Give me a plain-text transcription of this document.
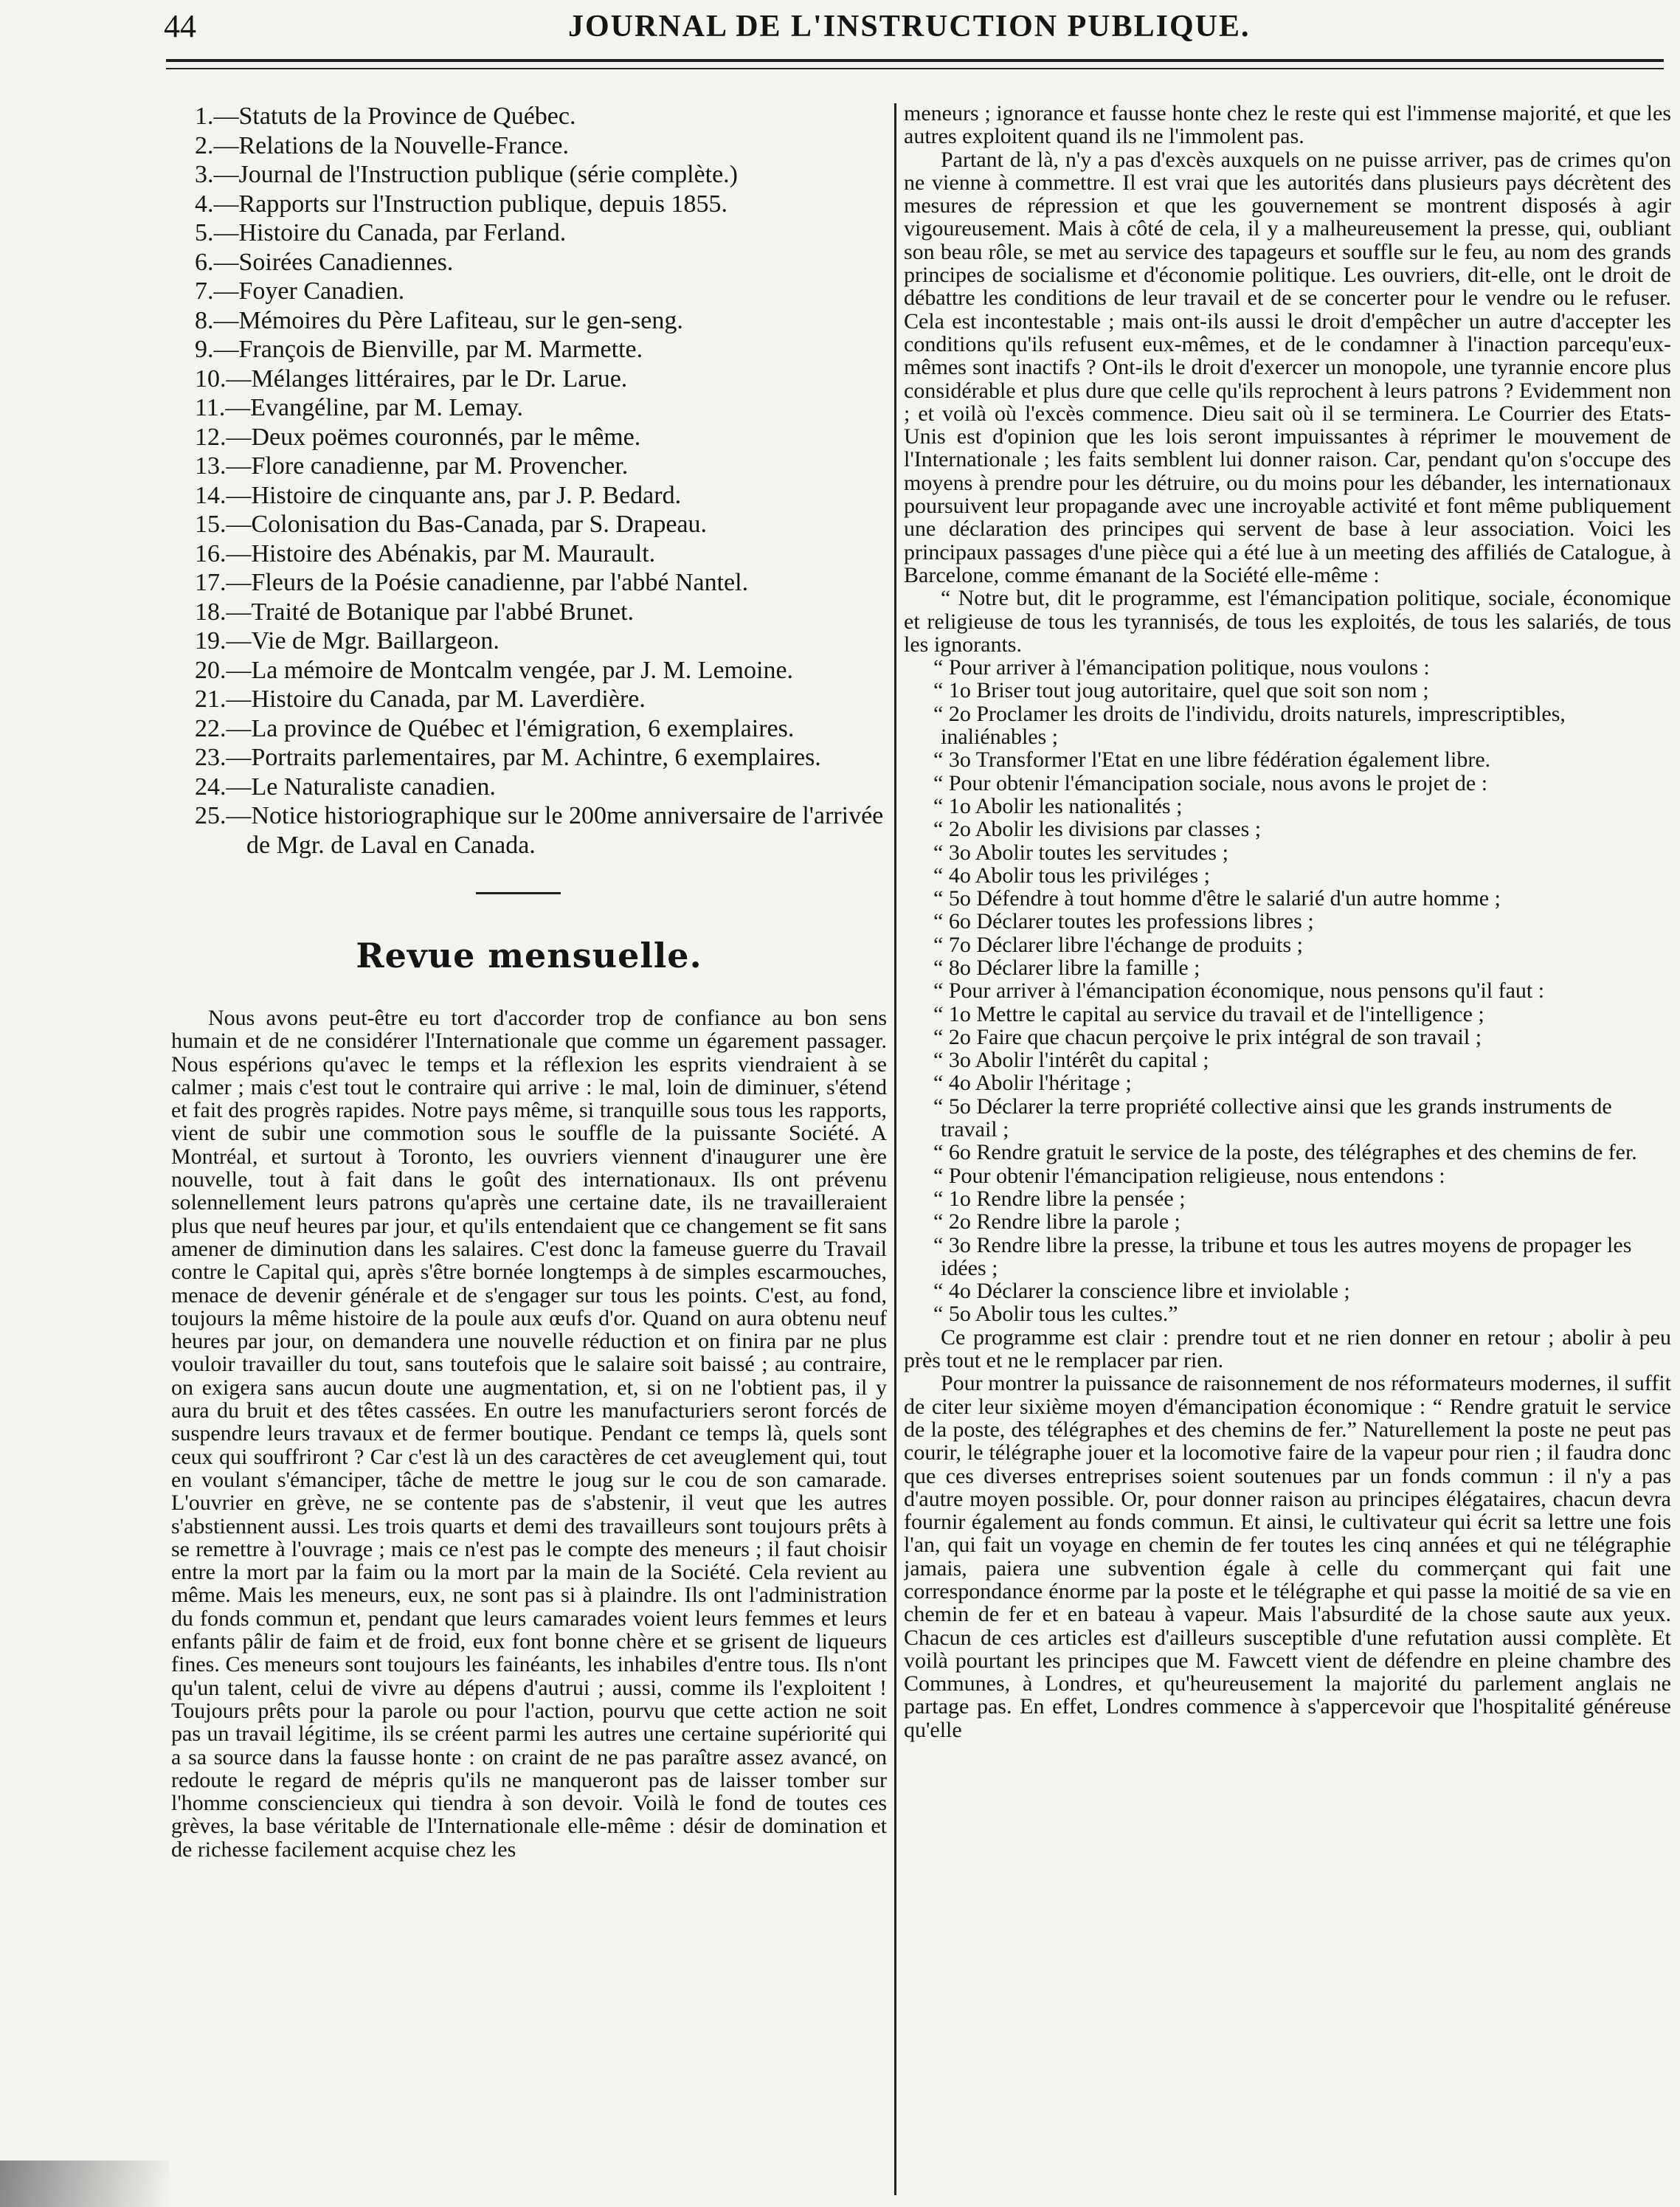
44	JOURNAL DE L'INSTRUCTION PUBLIQUE.
1.—Statuts de la Province de Québec.
2.—Relations de la Nouvelle-France.
3.—Journal de l'Instruction publique (série complète.)
4.—Rapports sur l'Instruction publique, depuis 1855.
5.—Histoire du Canada, par Ferland.
6.—Soirées Canadiennes.
7.—Foyer Canadien.
8.—Mémoires du Père Lafiteau, sur le gen-seng.
9.—François de Bienville, par M. Marmette.
10.—Mélanges littéraires, par le Dr. Larue.
11.—Evangéline, par M. Lemay.
12.—Deux poëmes couronnés, par le même.
13.—Flore canadienne, par M. Provencher.
14.—Histoire de cinquante ans, par J. P. Bedard.
15.—Colonisation du Bas-Canada, par S. Drapeau.
16.—Histoire des Abénakis, par M. Maurault.
17.—Fleurs de la Poésie canadienne, par l'abbé Nantel.
18.—Traité de Botanique par l'abbé Brunet.
19.—Vie de Mgr. Baillargeon.
20.—La mémoire de Montcalm vengée, par J. M. Lemoine.
21.—Histoire du Canada, par M. Laverdière.
22.—La province de Québec et l'émigration, 6 exemplaires.
23.—Portraits parlementaires, par M. Achintre, 6 exemplaires.
24.—Le Naturaliste canadien.
25.—Notice historiographique sur le 200me anniversaire de l'arrivée de Mgr. de Laval en Canada.
Revue mensuelle.

Nous avons peut-être eu tort d'accorder trop de confiance au bon sens humain et de ne considérer l'Internationale que comme un égarement passager. Nous espérions qu'avec le temps et la réflexion les esprits viendraient à se calmer ; mais c'est tout le contraire qui arrive : le mal, loin de diminuer, s'étend et fait des progrès rapides. Notre pays même, si tranquille sous tous les rapports, vient de subir une commotion sous le souffle de la puissante Société. A Montréal, et surtout à Toronto, les ouvriers viennent d'inaugurer une ère nouvelle, tout à fait dans le goût des internationaux. Ils ont prévenu solennellement leurs patrons qu'après une certaine date, ils ne travailleraient plus que neuf heures par jour, et qu'ils entendaient que ce changement se fit sans amener de diminution dans les salaires. C'est donc la fameuse guerre du Travail contre le Capital qui, après s'être bornée longtemps à de simples escarmouches, menace de devenir générale et de s'engager sur tous les points. C'est, au fond, toujours la même histoire de la poule aux œufs d'or. Quand on aura obtenu neuf heures par jour, on demandera une nouvelle réduction et on finira par ne plus vouloir travailler du tout, sans toutefois que le salaire soit baissé ; au contraire, on exigera sans aucun doute une augmentation, et, si on ne l'obtient pas, il y aura du bruit et des têtes cassées. En outre les manufacturiers seront forcés de suspendre leurs travaux et de fermer boutique. Pendant ce temps là, quels sont ceux qui souffriront ? Car c'est là un des caractères de cet aveuglement qui, tout en voulant s'émanciper, tâche de mettre le joug sur le cou de son camarade. L'ouvrier en grève, ne se contente pas de s'abstenir, il veut que les autres s'abstiennent aussi. Les trois quarts et demi des travailleurs sont toujours prêts à se remettre à l'ouvrage ; mais ce n'est pas le compte des meneurs ; il faut choisir entre la mort par la faim ou la mort par la main de la Société. Cela revient au même. Mais les meneurs, eux, ne sont pas si à plaindre. Ils ont l'administration du fonds commun et, pendant que leurs camarades voient leurs femmes et leurs enfants pâlir de faim et de froid, eux font bonne chère et se grisent de liqueurs fines. Ces meneurs sont toujours les fainéants, les inhabiles d'entre tous. Ils n'ont qu'un talent, celui de vivre au dépens d'autrui ; aussi, comme ils l'exploitent ! Toujours prêts pour la parole ou pour l'action, pourvu que cette action ne soit pas un travail légitime, ils se créent parmi les autres une certaine supériorité qui a sa source dans la fausse honte : on craint de ne pas paraître assez avancé, on redoute le regard de mépris qu'ils ne manqueront pas de laisser tomber sur l'homme consciencieux qui tiendra à son devoir. Voilà le fond de toutes ces grèves, la base véritable de l'Internationale elle-même : désir de domination et de richesse facilement acquise chez les

meneurs ; ignorance et fausse honte chez le reste qui est l'immense majorité, et que les autres exploitent quand ils ne l'immolent pas.

Partant de là, n'y a pas d'excès auxquels on ne puisse arriver, pas de crimes qu'on ne vienne à commettre. Il est vrai que les autorités dans plusieurs pays décrètent des mesures de répression et que les gouvernement se montrent disposés à agir vigoureusement. Mais à côté de cela, il y a malheureusement la presse, qui, oubliant son beau rôle, se met au service des tapageurs et souffle sur le feu, au nom des grands principes de socialisme et d'économie politique. Les ouvriers, dit-elle, ont le droit de débattre les conditions de leur travail et de se concerter pour le vendre ou le refuser. Cela est incontestable ; mais ont-ils aussi le droit d'empêcher un autre d'accepter les conditions qu'ils refusent eux-mêmes, et de le condamner à l'inaction parcequ'eux-mêmes sont inactifs ? Ont-ils le droit d'exercer un monopole, une tyrannie encore plus considérable et plus dure que celle qu'ils reprochent à leurs patrons ? Evidemment non ; et voilà où l'excès commence. Dieu sait où il se terminera. Le Courrier des Etats-Unis est d'opinion que les lois seront impuissantes à réprimer le mouvement de l'Internationale ; les faits semblent lui donner raison. Car, pendant qu'on s'occupe des moyens à prendre pour les détruire, ou du moins pour les débander, les internationaux poursuivent leur propagande avec une incroyable activité et font même publiquement une déclaration des principes qui servent de base à leur association. Voici les principaux passages d'une pièce qui a été lue à un meeting des affiliés de Catalogue, à Barcelone, comme émanant de la Société elle-même :

“ Notre but, dit le programme, est l'émancipation politique, sociale, économique et religieuse de tous les tyrannisés, de tous les exploités, de tous les salariés, de tous les ignorants.

“ Pour arriver à l'émancipation politique, nous voulons :

“ 1o Briser tout joug autoritaire, quel que soit son nom ;

“ 2o Proclamer les droits de l'individu, droits naturels, imprescriptibles, inaliénables ;

“ 3o Transformer l'Etat en une libre fédération également libre.

“ Pour obtenir l'émancipation sociale, nous avons le projet de :

“ 1o Abolir les nationalités ;

“ 2o Abolir les divisions par classes ;

“ 3o Abolir toutes les servitudes ;

“ 4o Abolir tous les priviléges ;

“ 5o Défendre à tout homme d'être le salarié d'un autre homme ;

“ 6o Déclarer toutes les professions libres ;

“ 7o Déclarer libre l'échange de produits ;

“ 8o Déclarer libre la famille ;

“ Pour arriver à l'émancipation économique, nous pensons qu'il faut :

“ 1o Mettre le capital au service du travail et de l'intelligence ;

“ 2o Faire que chacun perçoive le prix intégral de son travail ;

“ 3o Abolir l'intérêt du capital ;

“ 4o Abolir l'héritage ;

“ 5o Déclarer la terre propriété collective ainsi que les grands instruments de travail ;

“ 6o Rendre gratuit le service de la poste, des télégraphes et des chemins de fer.

“ Pour obtenir l'émancipation religieuse, nous entendons :

“ 1o Rendre libre la pensée ;

“ 2o Rendre libre la parole ;

“ 3o Rendre libre la presse, la tribune et tous les autres moyens de propager les idées ;

“ 4o Déclarer la conscience libre et inviolable ;

“ 5o Abolir tous les cultes.”

Ce programme est clair : prendre tout et ne rien donner en retour ; abolir à peu près tout et ne le remplacer par rien.

Pour montrer la puissance de raisonnement de nos réformateurs modernes, il suffit de citer leur sixième moyen d'émancipation économique : “ Rendre gratuit le service de la poste, des télégraphes et des chemins de fer.” Naturellement la poste ne peut pas courir, le télégraphe jouer et la locomotive faire de la vapeur pour rien ; il faudra donc que ces diverses entreprises soient soutenues par un fonds commun : il n'y a pas d'autre moyen possible. Or, pour donner raison au principes élégataires, chacun devra fournir également au fonds commun. Et ainsi, le cultivateur qui écrit sa lettre une fois l'an, qui fait un voyage en chemin de fer toutes les cinq années et qui ne télégraphie jamais, paiera une subvention égale à celle du commerçant qui fait une correspondance énorme par la poste et le télégraphe et qui passe la moitié de sa vie en chemin de fer et en bateau à vapeur. Mais l'absurdité de la chose saute aux yeux. Chacun de ces articles est d'ailleurs susceptible d'une refutation aussi complète. Et voilà pourtant les principes que M. Fawcett vient de défendre en pleine chambre des Communes, à Londres, et qu'heureusement la majorité du parlement anglais ne partage pas. En effet, Londres commence à s'appercevoir que l'hospitalité généreuse qu'elle
